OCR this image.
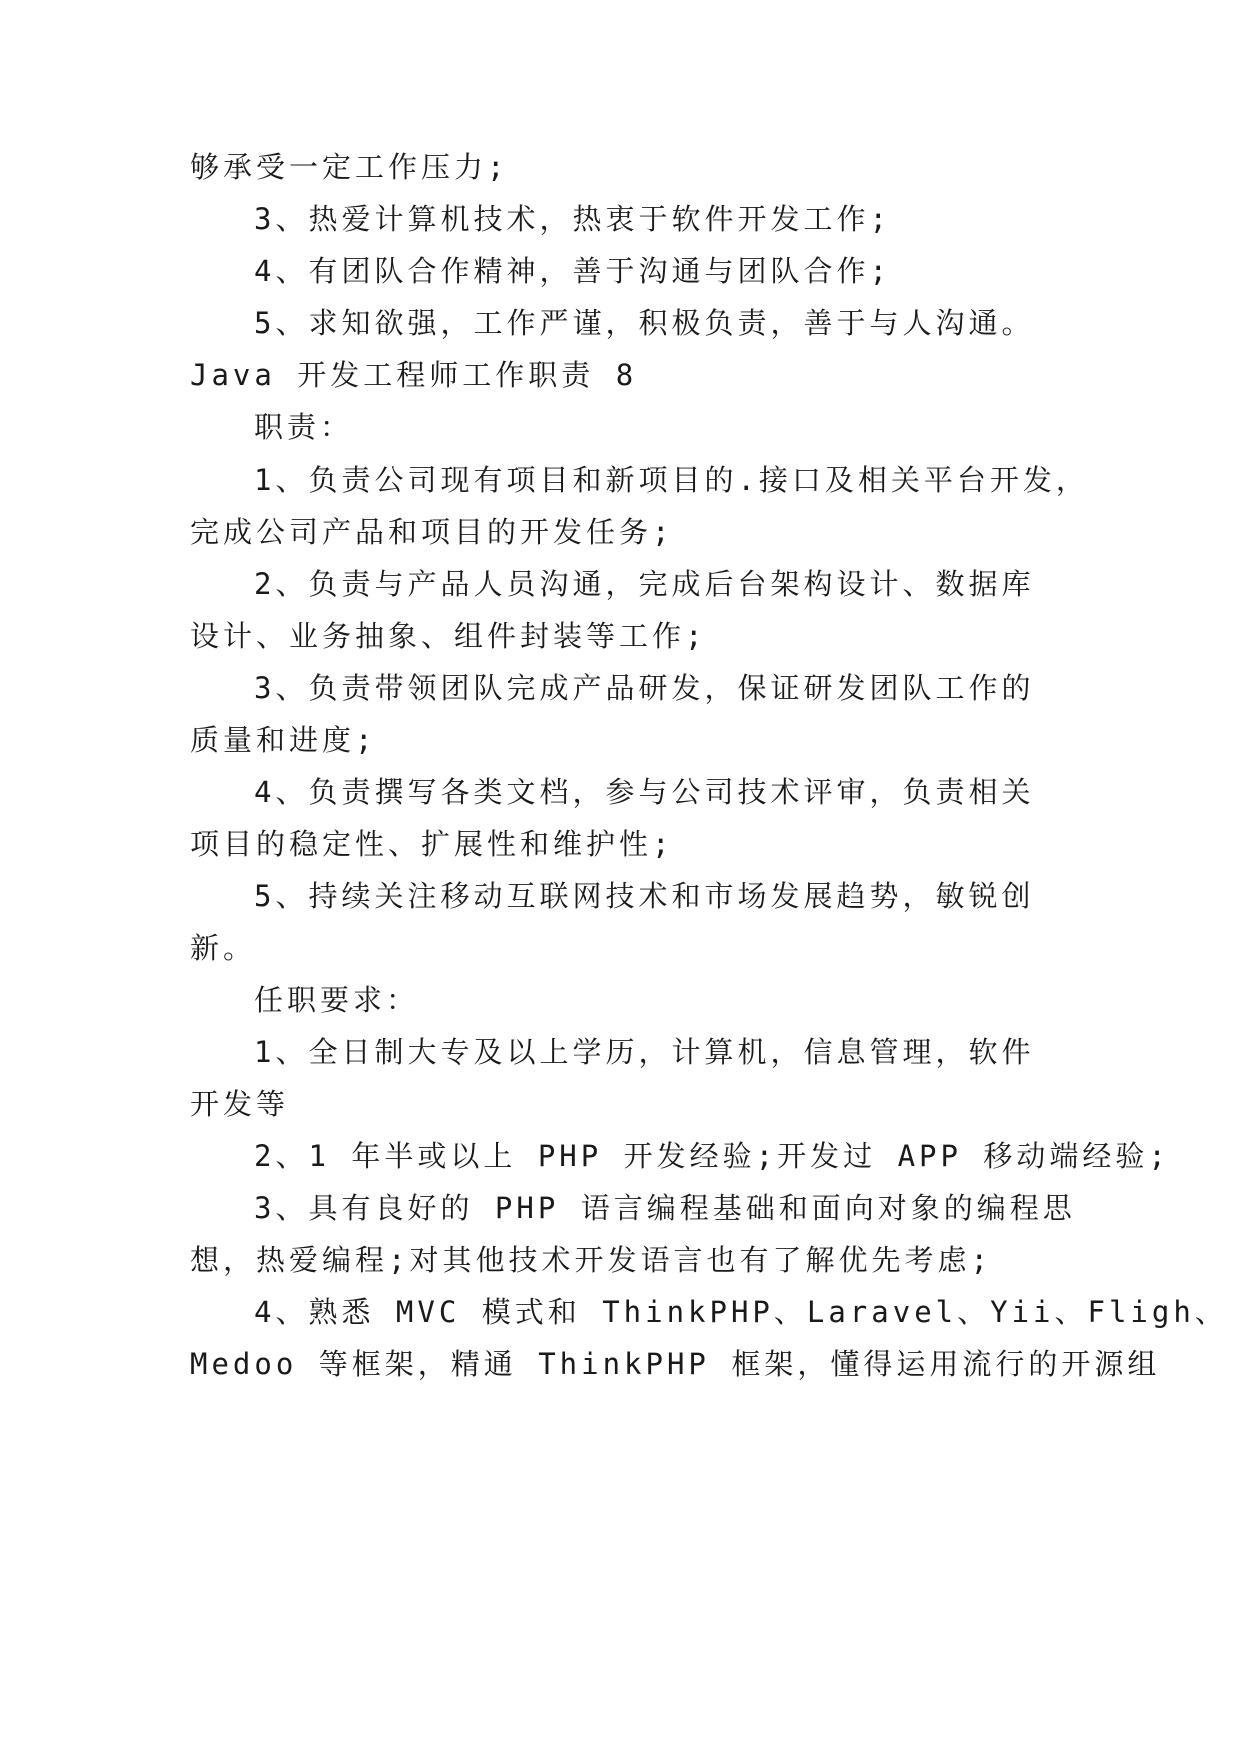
够承受一定工作压力;
3、热爱计算机技术，热衷于软件开发工作;
4、有团队合作精神，善于沟通与团队合作;
5、求知欲强，工作严谨，积极负责，善于与人沟通。
Java 开发工程师工作职责 8
职责：
1、负责公司现有项目和新项目的.接口及相关平台开发，
完成公司产品和项目的开发任务;
2、负责与产品人员沟通，完成后台架构设计、数据库
设计、业务抽象、组件封装等工作;
3、负责带领团队完成产品研发，保证研发团队工作的
质量和进度;
4、负责撰写各类文档，参与公司技术评审，负责相关
项目的稳定性、扩展性和维护性;
5、持续关注移动互联网技术和市场发展趋势，敏锐创
新。
任职要求：
1、全日制大专及以上学历，计算机，信息管理，软件
开发等
2、1 年半或以上 PHP 开发经验;开发过 APP 移动端经验;
3、具有良好的 PHP 语言编程基础和面向对象的编程思
想，热爱编程;对其他技术开发语言也有了解优先考虑;
4、熟悉 MVC 模式和 ThinkPHP、Laravel、Yii、Fligh、
Medoo 等框架，精通 ThinkPHP 框架，懂得运用流行的开源组
